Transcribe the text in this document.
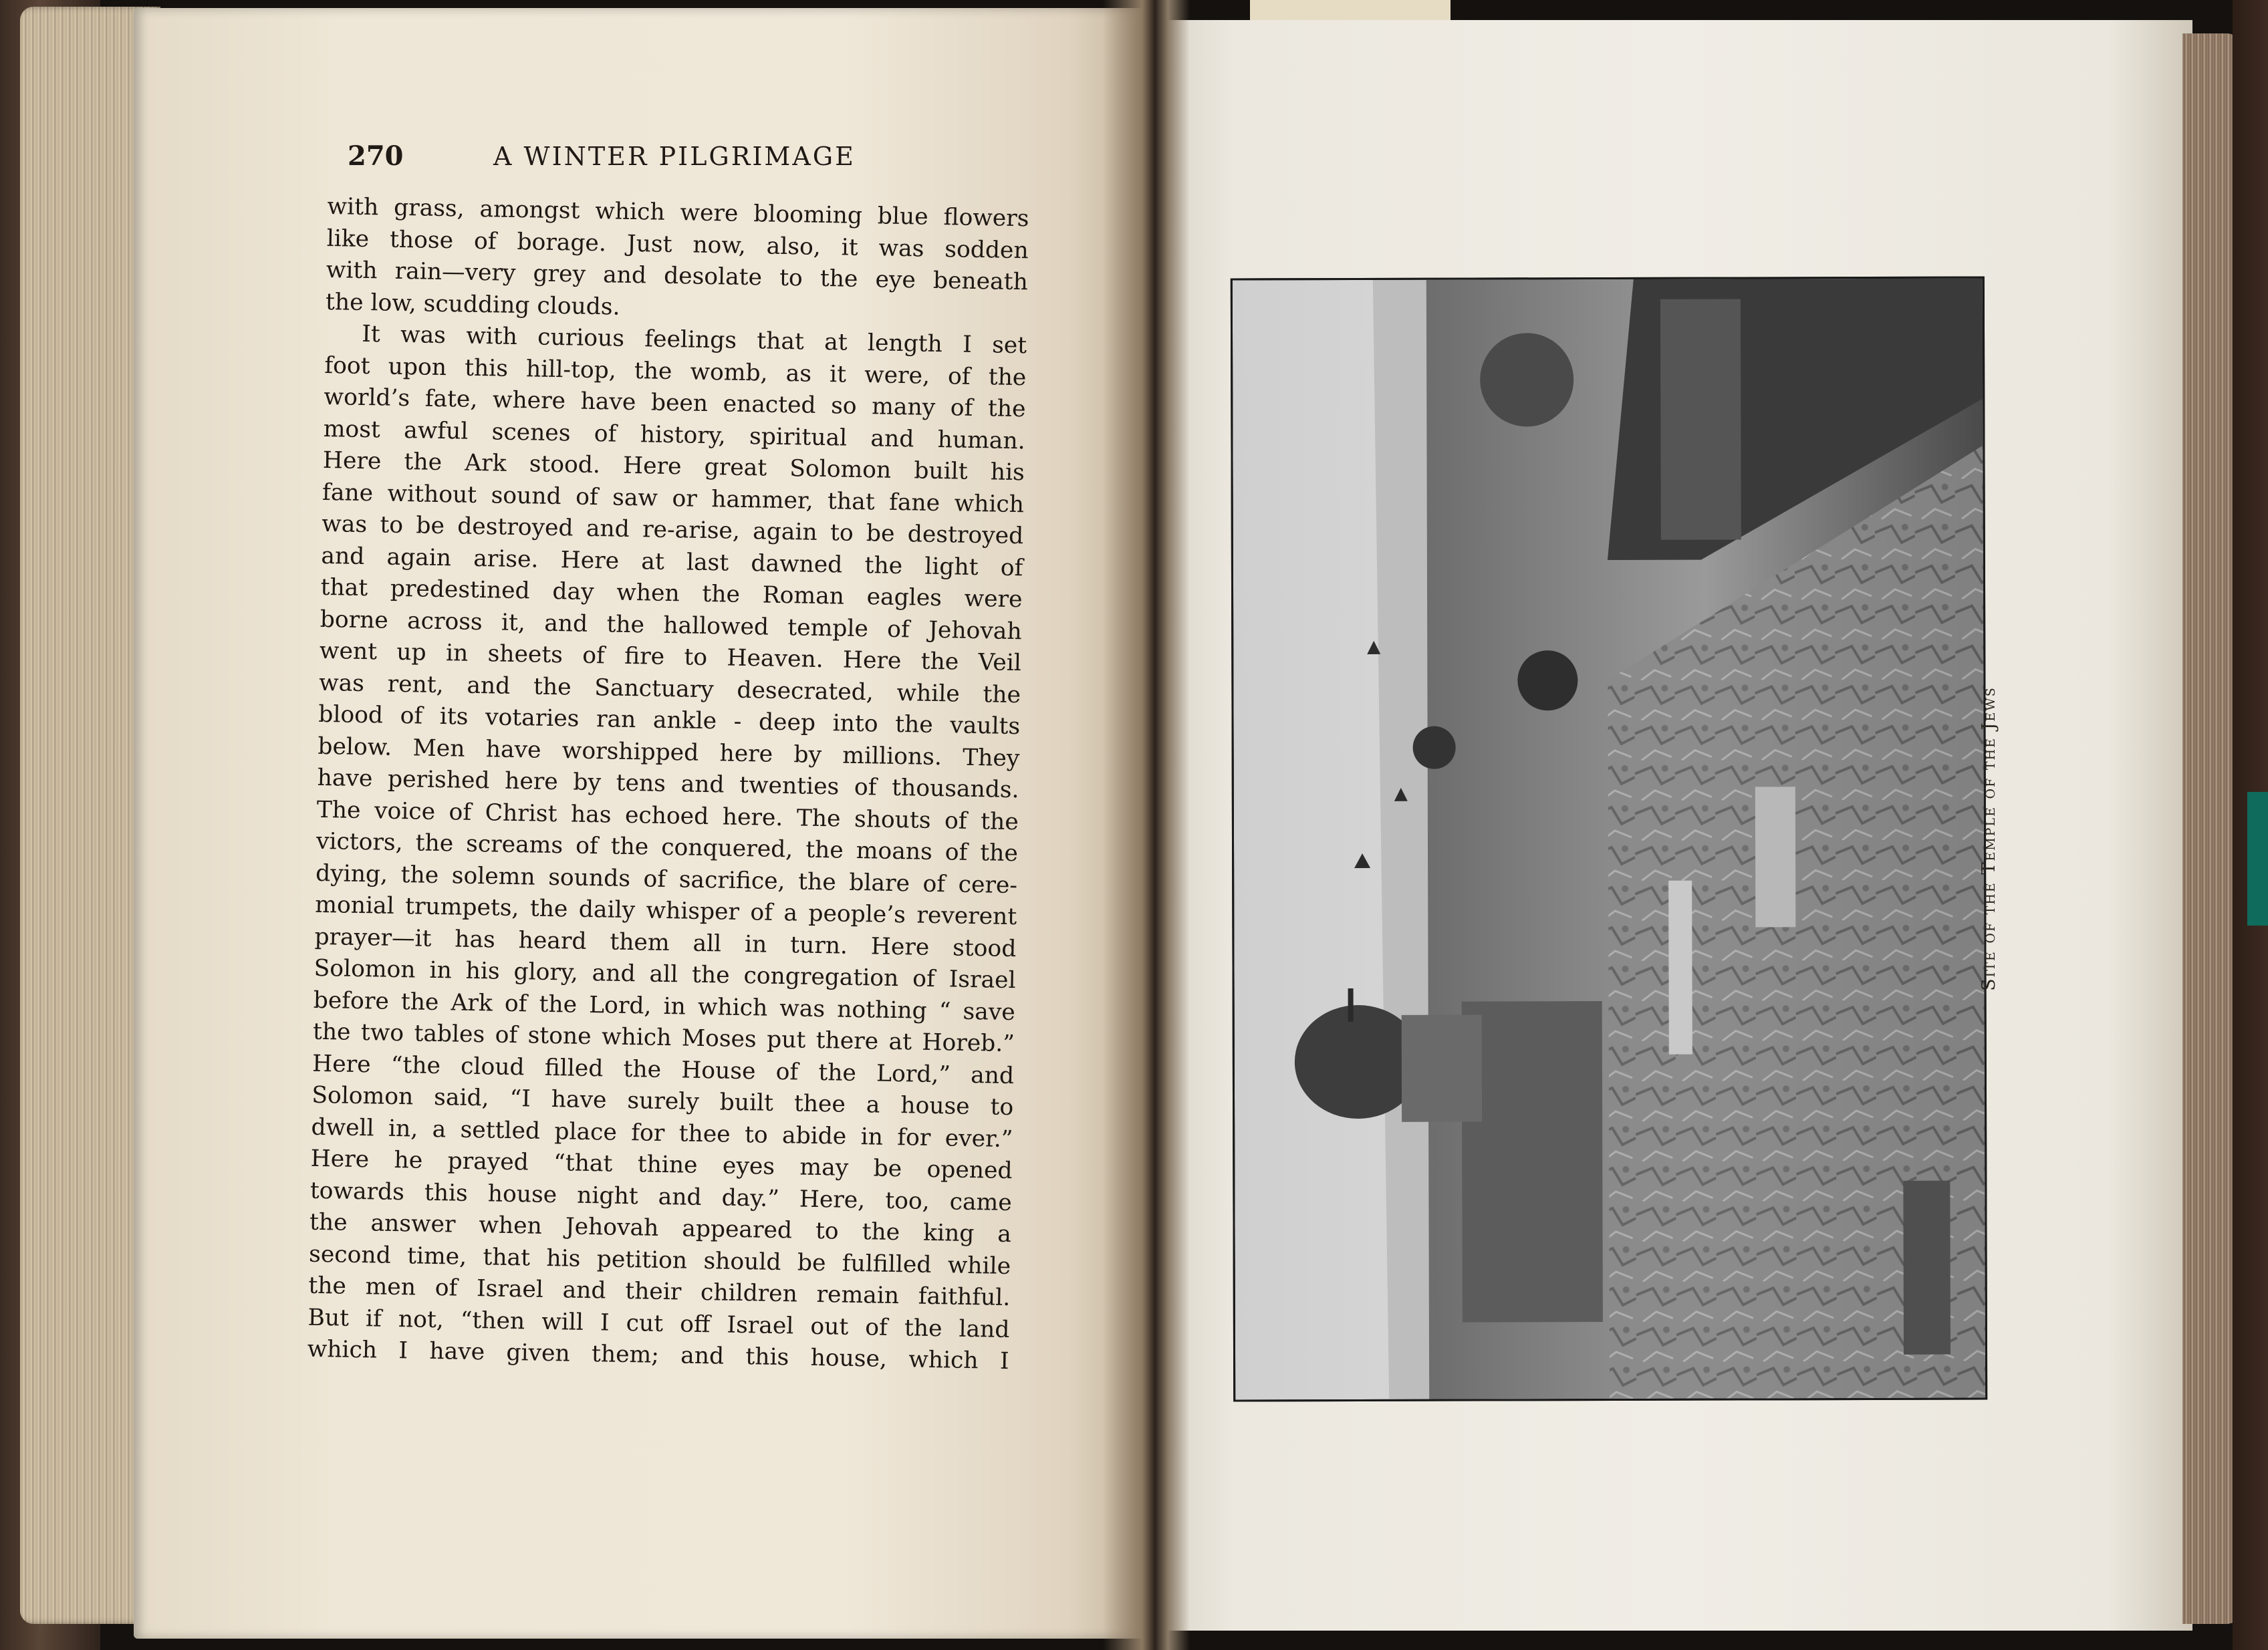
270	A WINTER PILGRIMAGE
with grass, amongst which were blooming blue flowers
like those of borage. Just now, also, it was sodden
with rain—very grey and desolate to the eye beneath
the low, scudding clouds.
It was with curious feelings that at length I set
foot upon this hill-top, the womb, as it were, of the
world’s fate, where have been enacted so many of the
most awful scenes of history, spiritual and human.
Here the Ark stood. Here great Solomon built his
fane without sound of saw or hammer, that fane which
was to be destroyed and re-arise, again to be destroyed
and again arise. Here at last dawned the light of
that predestined day when the Roman eagles were
borne across it, and the hallowed temple of Jehovah
went up in sheets of fire to Heaven. Here the Veil
was rent, and the Sanctuary desecrated, while the
blood of its votaries ran ankle - deep into the vaults
below. Men have worshipped here by millions. They
have perished here by tens and twenties of thousands.
The voice of Christ has echoed here. The shouts of the
victors, the screams of the conquered, the moans of the
dying, the solemn sounds of sacrifice, the blare of cere-
monial trumpets, the daily whisper of a people’s reverent
prayer—it has heard them all in turn. Here stood
Solomon in his glory, and all the congregation of Israel
before the Ark of the Lord, in which was nothing “ save
the two tables of stone which Moses put there at Horeb.”
Here “the cloud filled the House of the Lord,” and
Solomon said, “I have surely built thee a house to
dwell in, a settled place for thee to abide in for ever.”
Here he prayed “that thine eyes may be opened
towards this house night and day.” Here, too, came
the answer when Jehovah appeared to the king a
second time, that his petition should be fulfilled while
the men of Israel and their children remain faithful.
But if not, “then will I cut off Israel out of the land
which I have given them; and this house, which I
Site of the Temple of the Jews
